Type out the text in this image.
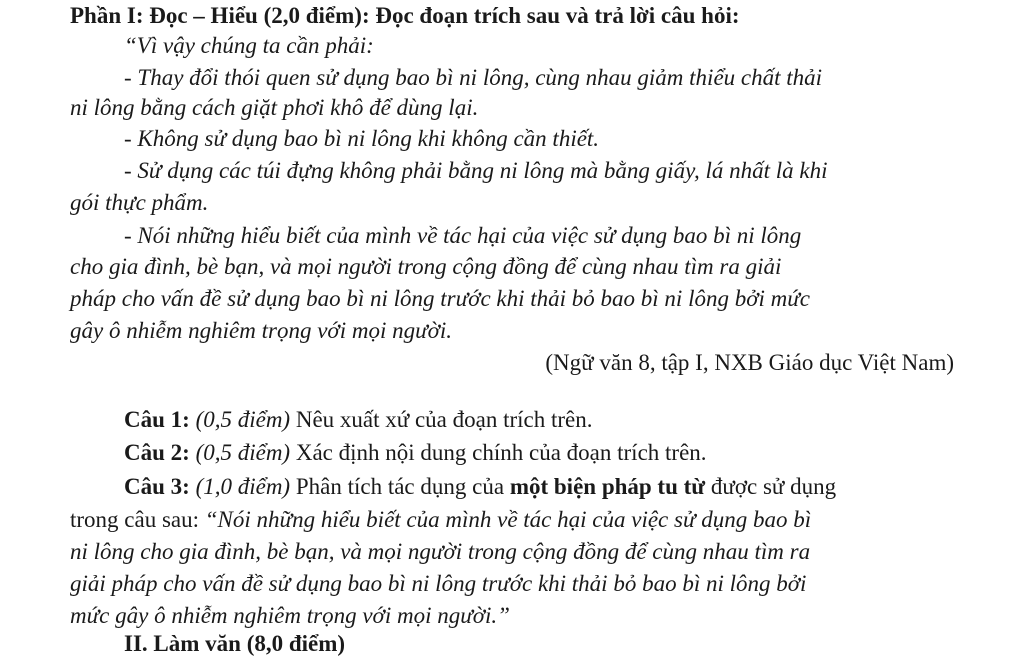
Phần I: Đọc – Hiểu (2,0 điểm): Đọc đoạn trích sau và trả lời câu hỏi:
“Vì vậy chúng ta cần phải:
- Thay đổi thói quen sử dụng bao bì ni lông, cùng nhau giảm thiểu chất thải
ni lông bằng cách giặt phơi khô để dùng lại.
- Không sử dụng bao bì ni lông khi không cần thiết.
- Sử dụng các túi đựng không phải bằng ni lông mà bằng giấy, lá nhất là khi
gói thực phẩm.
- Nói những hiểu biết của mình về tác hại của việc sử dụng bao bì ni lông
cho gia đình, bè bạn, và mọi người trong cộng đồng để cùng nhau tìm ra giải
pháp cho vấn đề sử dụng bao bì ni lông trước khi thải bỏ bao bì ni lông bởi mức
gây ô nhiễm nghiêm trọng với mọi người.
(Ngữ văn 8, tập I, NXB Giáo dục Việt Nam)
Câu 1: (0,5 điểm) Nêu xuất xứ của đoạn trích trên.
Câu 2: (0,5 điểm) Xác định nội dung chính của đoạn trích trên.
Câu 3: (1,0 điểm) Phân tích tác dụng của một biện pháp tu từ được sử dụng
trong câu sau: “Nói những hiểu biết của mình về tác hại của việc sử dụng bao bì
ni lông cho gia đình, bè bạn, và mọi người trong cộng đồng để cùng nhau tìm ra
giải pháp cho vấn đề sử dụng bao bì ni lông trước khi thải bỏ bao bì ni lông bởi
mức gây ô nhiễm nghiêm trọng với mọi người.”
II. Làm văn (8,0 điểm)
